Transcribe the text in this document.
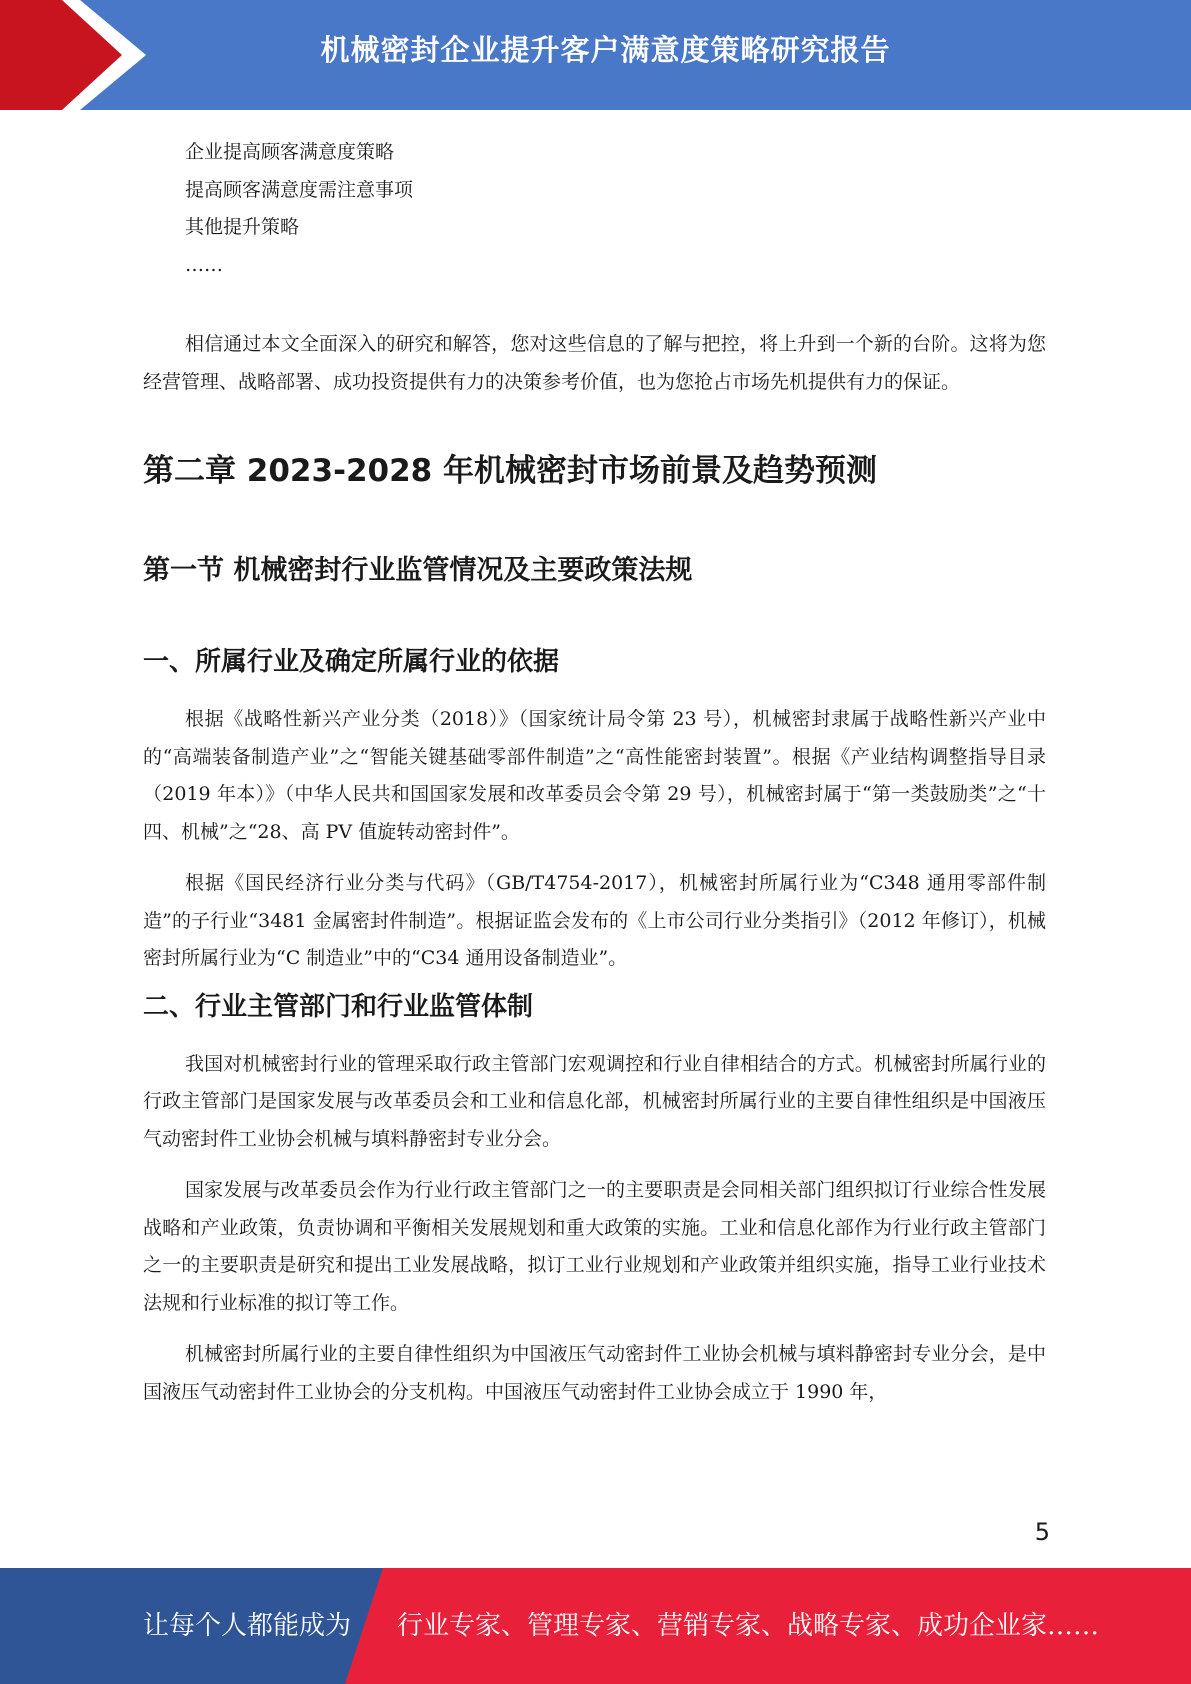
机械密封企业提升客户满意度策略研究报告

企业提高顾客满意度策略

提高顾客满意度需注意事项

其他提升策略

……

相信通过本文全面深入的研究和解答，您对这些信息的了解与把控，将上升到一个新的台阶。这将为您经营管理、战略部署、成功投资提供有力的决策参考价值，也为您抢占市场先机提供有力的保证。

第二章 2023-2028 年机械密封市场前景及趋势预测
第一节 机械密封行业监管情况及主要政策法规
一、所属行业及确定所属行业的依据

根据《战略性新兴产业分类（2018）》（国家统计局令第 23 号），机械密封隶属于战略性新兴产业中的“高端装备制造产业”之“智能关键基础零部件制造”之“高性能密封装置”。根据《产业结构调整指导目录（2019 年本）》（中华人民共和国国家发展和改革委员会令第 29 号），机械密封属于“第一类鼓励类”之“十四、机械”之“28、高 PV 值旋转动密封件”。

根据《国民经济行业分类与代码》（GB/T4754-2017），机械密封所属行业为“C348 通用零部件制造”的子行业“3481 金属密封件制造”。根据证监会发布的《上市公司行业分类指引》（2012 年修订），机械密封所属行业为“C 制造业”中的“C34 通用设备制造业”。

二、行业主管部门和行业监管体制

我国对机械密封行业的管理采取行政主管部门宏观调控和行业自律相结合的方式。机械密封所属行业的行政主管部门是国家发展与改革委员会和工业和信息化部，机械密封所属行业的主要自律性组织是中国液压气动密封件工业协会机械与填料静密封专业分会。

国家发展与改革委员会作为行业行政主管部门之一的主要职责是会同相关部门组织拟订行业综合性发展战略和产业政策，负责协调和平衡相关发展规划和重大政策的实施。工业和信息化部作为行业行政主管部门之一的主要职责是研究和提出工业发展战略，拟订工业行业规划和产业政策并组织实施，指导工业行业技术法规和行业标准的拟订等工作。

机械密封所属行业的主要自律性组织为中国液压气动密封件工业协会机械与填料静密封专业分会，是中国液压气动密封件工业协会的分支机构。中国液压气动密封件工业协会成立于 1990 年，

5
让每个人都能成为 行业专家、管理专家、营销专家、战略专家、成功企业家……
